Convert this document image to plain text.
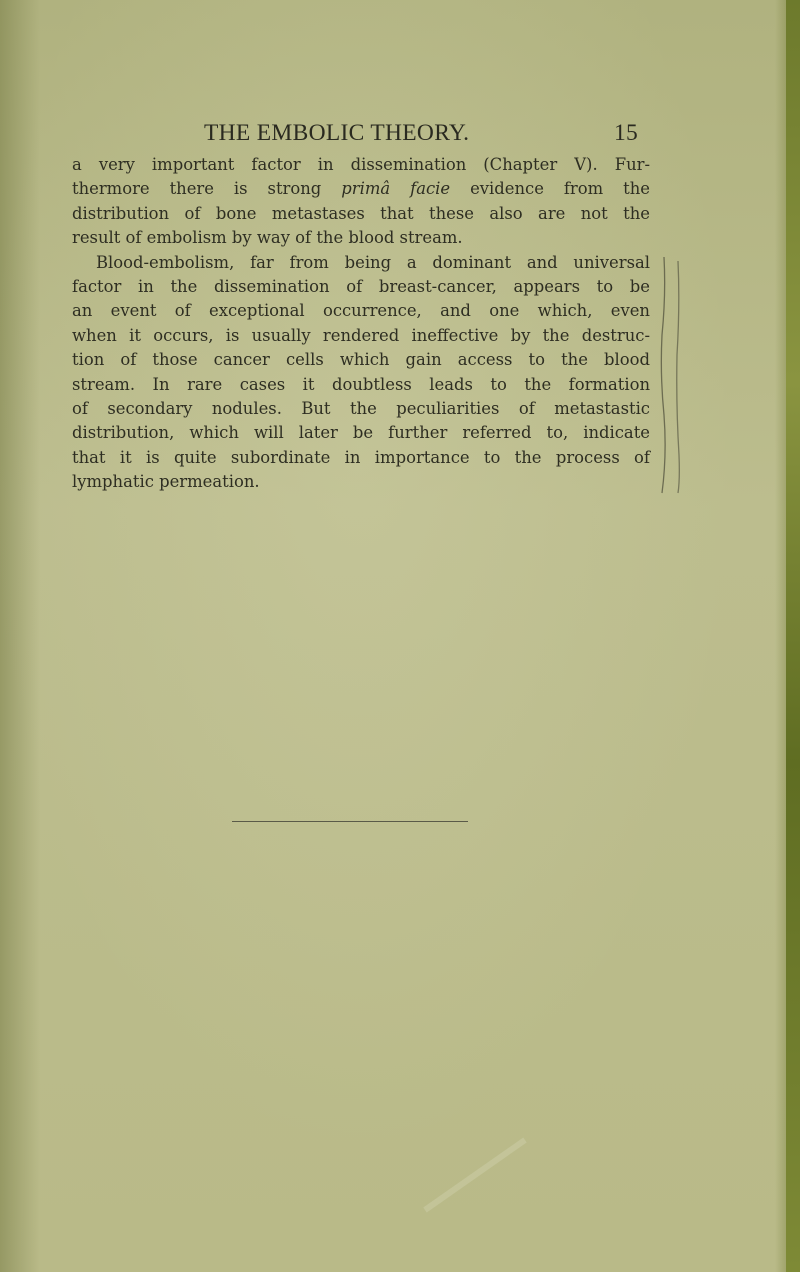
THE EMBOLIC THEORY.	15
a very important factor in dissemination (Chapter V). Fur-
thermore there is strong primâ facie evidence from the
distribution of bone metastases that these also are not the
result of embolism by way of the blood stream.
Blood-embolism, far from being a dominant and universal
factor in the dissemination of breast-cancer, appears to be
an event of exceptional occurrence, and one which, even
when it occurs, is usually rendered ineffective by the destruc-
tion of those cancer cells which gain access to the blood
stream. In rare cases it doubtless leads to the formation
of secondary nodules. But the peculiarities of metastastic
distribution, which will later be further referred to, indicate
that it is quite subordinate in importance to the process of
lymphatic permeation.
